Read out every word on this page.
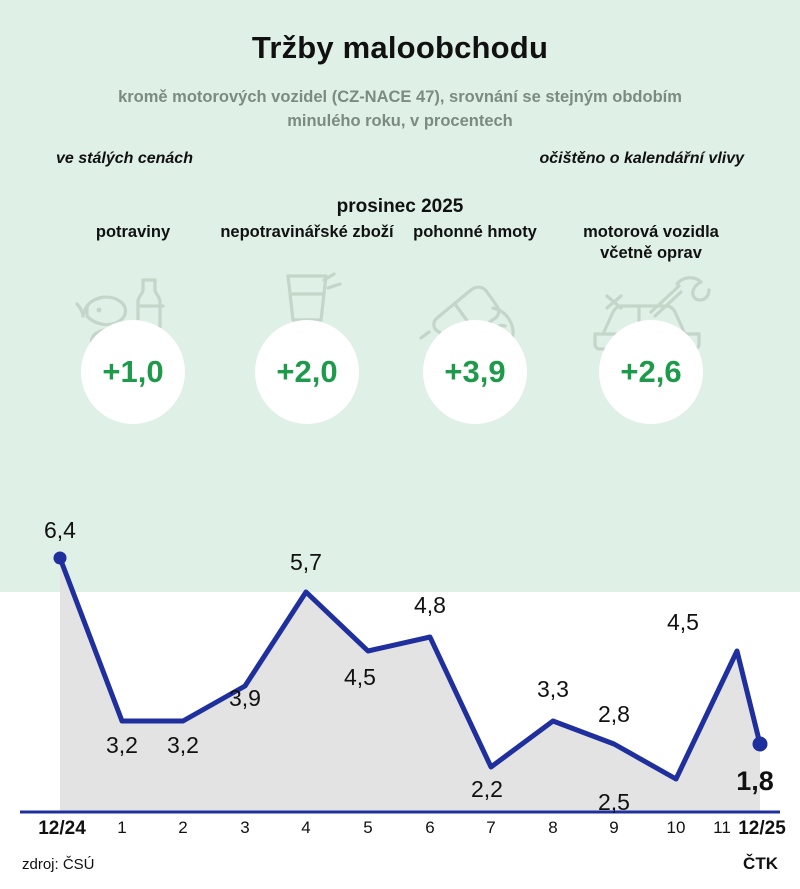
Tržby maloobchodu
kromě motorových vozidel (CZ-NACE 47), srovnání se stejným obdobím minulého roku, v procentech
ve stálých cenách	očištěno o kalendářní vlivy
prosinec 2025
potraviny
+1,0
nepotravinářské zboží
+2,0
pohonné hmoty
+3,9
motorová vozidla včetně oprav
+2,6
6,4
3,2 3,2
3,9
5,7
4,5
4,8
2,2
3,3
2,8
2,5
4,5
1,8
12/24 1	2	3	4	5	6	7	8	9	10 11 12/25
zdroj: ČSÚ	ČTK
